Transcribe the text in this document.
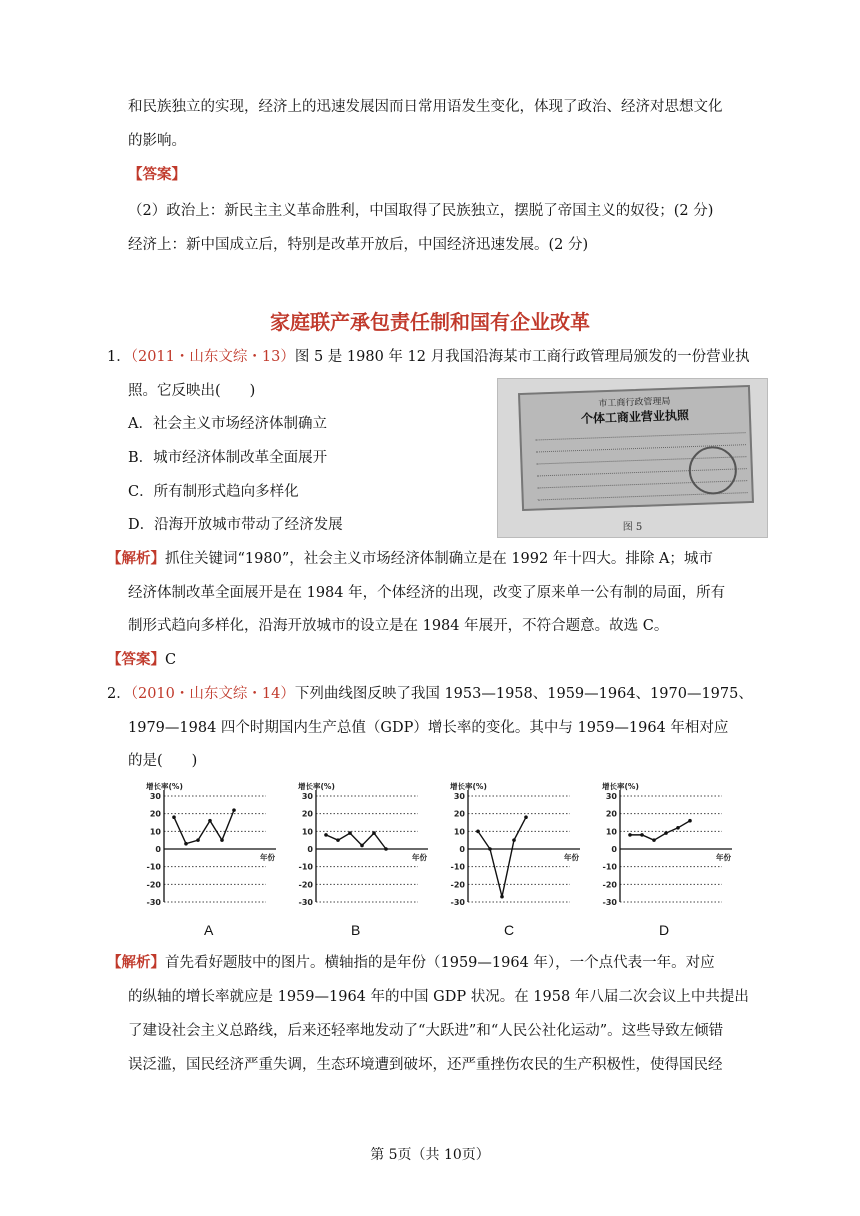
和民族独立的实现，经济上的迅速发展因而日常用语发生变化，体现了政治、经济对思想文化
的影响。
【答案】
（2）政治上：新民主主义革命胜利，中国取得了民族独立，摆脱了帝国主义的奴役；(2 分)
经济上：新中国成立后，特别是改革开放后，中国经济迅速发展。(2 分)
家庭联产承包责任制和国有企业改革
1．（2011・山东文综・13）图 5 是 1980 年 12 月我国沿海某市工商行政管理局颁发的一份营业执
照。它反映出(　　)
A．社会主义市场经济体制确立
B．城市经济体制改革全面展开
C．所有制形式趋向多样化
D．沿海开放城市带动了经济发展
市工商行政管理局
个体工商业营业执照
图 5
【解析】抓住关键词“1980”，社会主义市场经济体制确立是在 1992 年十四大。排除 A；城市
经济体制改革全面展开是在 1984 年，个体经济的出现，改变了原来单一公有制的局面，所有
制形式趋向多样化，沿海开放城市的设立是在 1984 年展开，不符合题意。故选 C。
【答案】C
2．（2010・山东文综・14）下列曲线图反映了我国 1953—1958、1959—1964、1970—1975、
1979—1984 四个时期国内生产总值（GDP）增长率的变化。其中与 1959—1964 年相对应
的是(　　)
增长率(%)
30
20
10
0
-10
-20
-30
年份
增长率(%)
30
20
10
0
-10
-20
-30
年份
增长率(%)
30
20
10
0
-10
-20
-30
年份
增长率(%)
30
20
10
0
-10
-20
-30
年份
A	B	C	D
【解析】首先看好题肢中的图片。横轴指的是年份（1959—1964 年），一个点代表一年。对应
的纵轴的增长率就应是 1959—1964 年的中国 GDP 状况。在 1958 年八届二次会议上中共提出
了建设社会主义总路线，后来还轻率地发动了“大跃进”和“人民公社化运动”。这些导致左倾错
误泛滥，国民经济严重失调，生态环境遭到破坏，还严重挫伤农民的生产积极性，使得国民经
第 5页（共 10页）
